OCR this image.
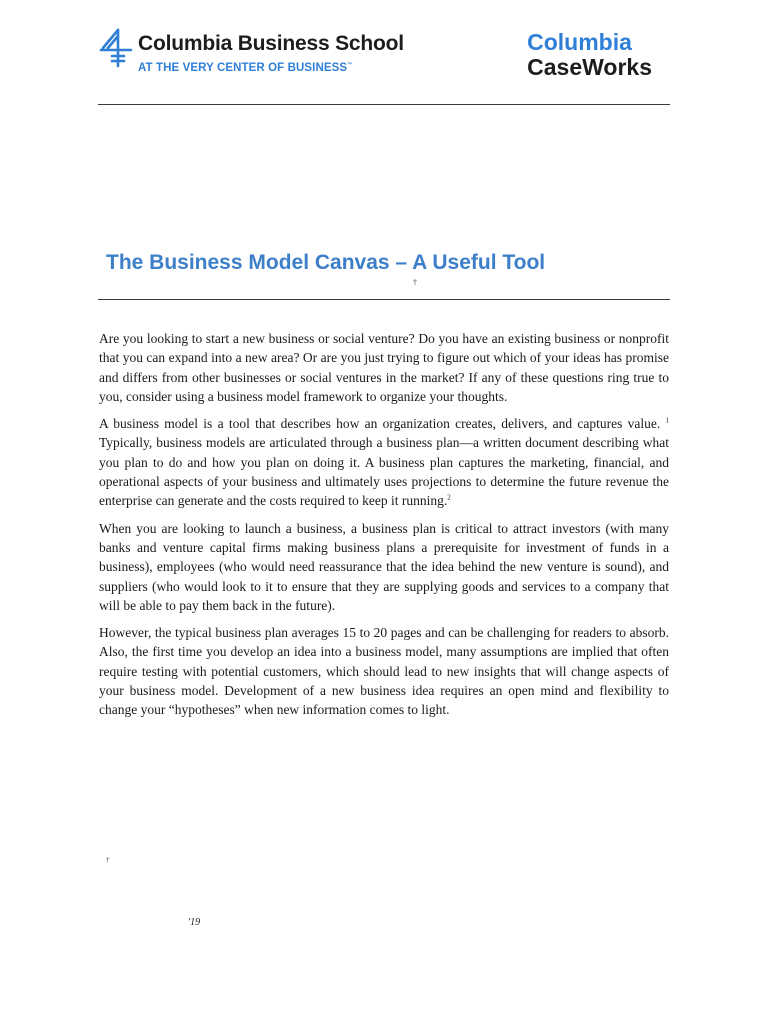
Columbia Business School
AT THE VERY CENTER OF BUSINESS™
Columbia
CaseWorks
The Business Model Canvas – A Useful Tool
†

Are you looking to start a new business or social venture? Do you have an existing business or nonprofit that you can expand into a new area? Or are you just trying to figure out which of your ideas has promise and differs from other businesses or social ventures in the market? If any of these questions ring true to you, consider using a business model framework to organize your thoughts.

A business model is a tool that describes how an organization creates, delivers, and captures value. $^1$ Typically, business models are articulated through a business plan—a written document describing what you plan to do and how you plan on doing it. A business plan captures the marketing, financial, and operational aspects of your business and ultimately uses projections to determine the future revenue the enterprise can generate and the costs required to keep it running.$^2$

When you are looking to launch a business, a business plan is critical to attract investors (with many banks and venture capital firms making business plans a prerequisite for investment of funds in a business), employees (who would need reassurance that the idea behind the new venture is sound), and suppliers (who would look to it to ensure that they are supplying goods and services to a company that will be able to pay them back in the future).

However, the typical business plan averages 15 to 20 pages and can be challenging for readers to absorb. Also, the first time you develop an idea into a business model, many assumptions are implied that often require testing with potential customers, which should lead to new insights that will change aspects of your business model. Development of a new business idea requires an open mind and flexibility to change your “hypotheses” when new information comes to light.

†
'19
